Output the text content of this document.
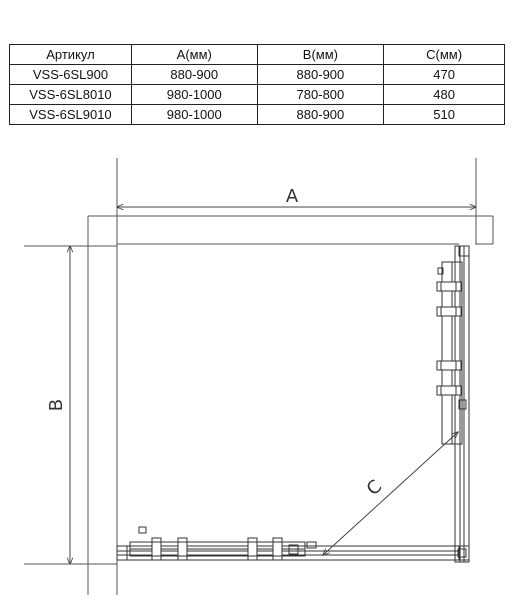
Артикул	A(мм)	B(мм)	C(мм)
VSS-6SL900	880-900	880-900	470
VSS-6SL8010	980-1000	780-800	480
VSS-6SL9010	980-1000	880-900	510
A
B
C
